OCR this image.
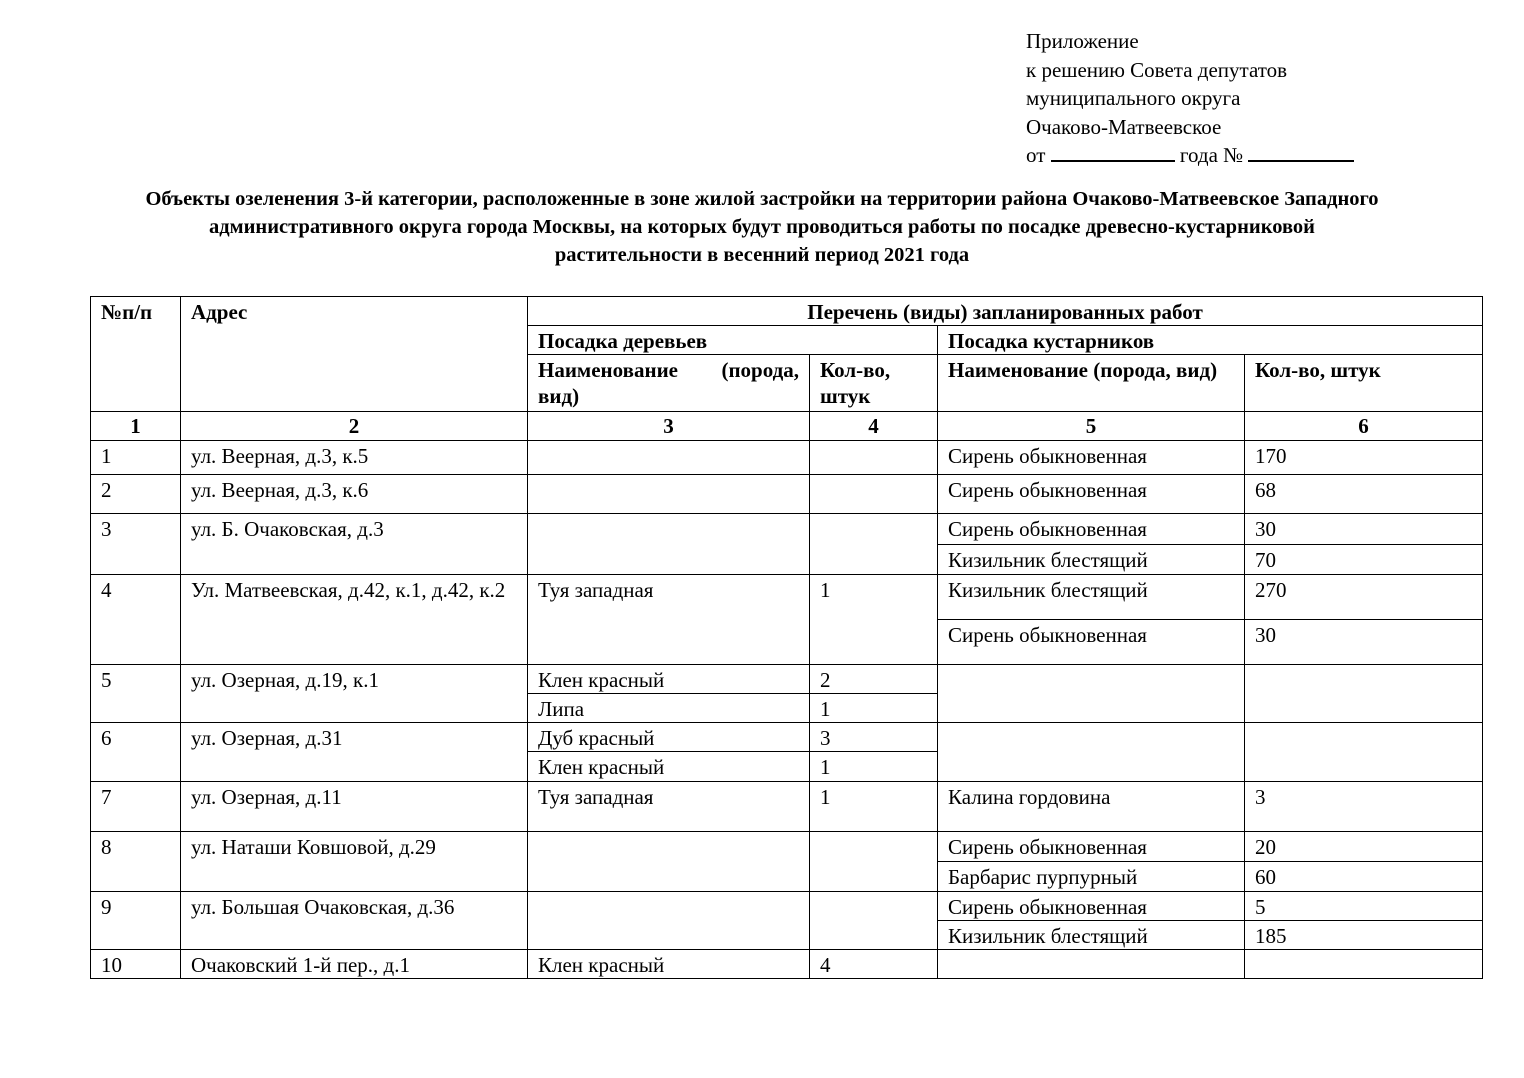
Приложение
к решению Совета депутатов
муниципального округа
Очаково-Матвеевское
от	года №
Объекты озеленения 3-й категории, расположенные в зоне жилой застройки на территории района Очаково-Матвеевское Западного
административного округа города Москвы, на которых будут проводиться работы по посадке древесно-кустарниковой
растительности в весенний период 2021 года
№п/п	Адрес	Перечень (виды) запланированных работ			
		Посадка деревьев		Посадка кустарников	
		Наименование (порода, вид)	Кол-во, штук	Наименование (порода, вид)	Кол-во, штук
1	2	3	4	5	6
1	ул. Веерная, д.3, к.5			Сирень обыкновенная	170
2	ул. Веерная, д.3, к.6			Сирень обыкновенная	68
3	ул. Б. Очаковская, д.3			Сирень обыкновенная	30
				Кизильник блестящий	70
4	Ул. Матвеевская, д.42, к.1, д.42, к.2	Туя западная	1	Кизильник блестящий	270
				Сирень обыкновенная	30
5	ул. Озерная, д.19, к.1	Клен красный	2		
		Липа	1		
6	ул. Озерная, д.31	Дуб красный	3		
		Клен красный	1		
7	ул. Озерная, д.11	Туя западная	1	Калина гордовина	3
8	ул. Наташи Ковшовой, д.29			Сирень обыкновенная	20
				Барбарис пурпурный	60
9	ул. Большая Очаковская, д.36			Сирень обыкновенная	5
				Кизильник блестящий	185
10	Очаковский 1-й пер., д.1	Клен красный	4		
